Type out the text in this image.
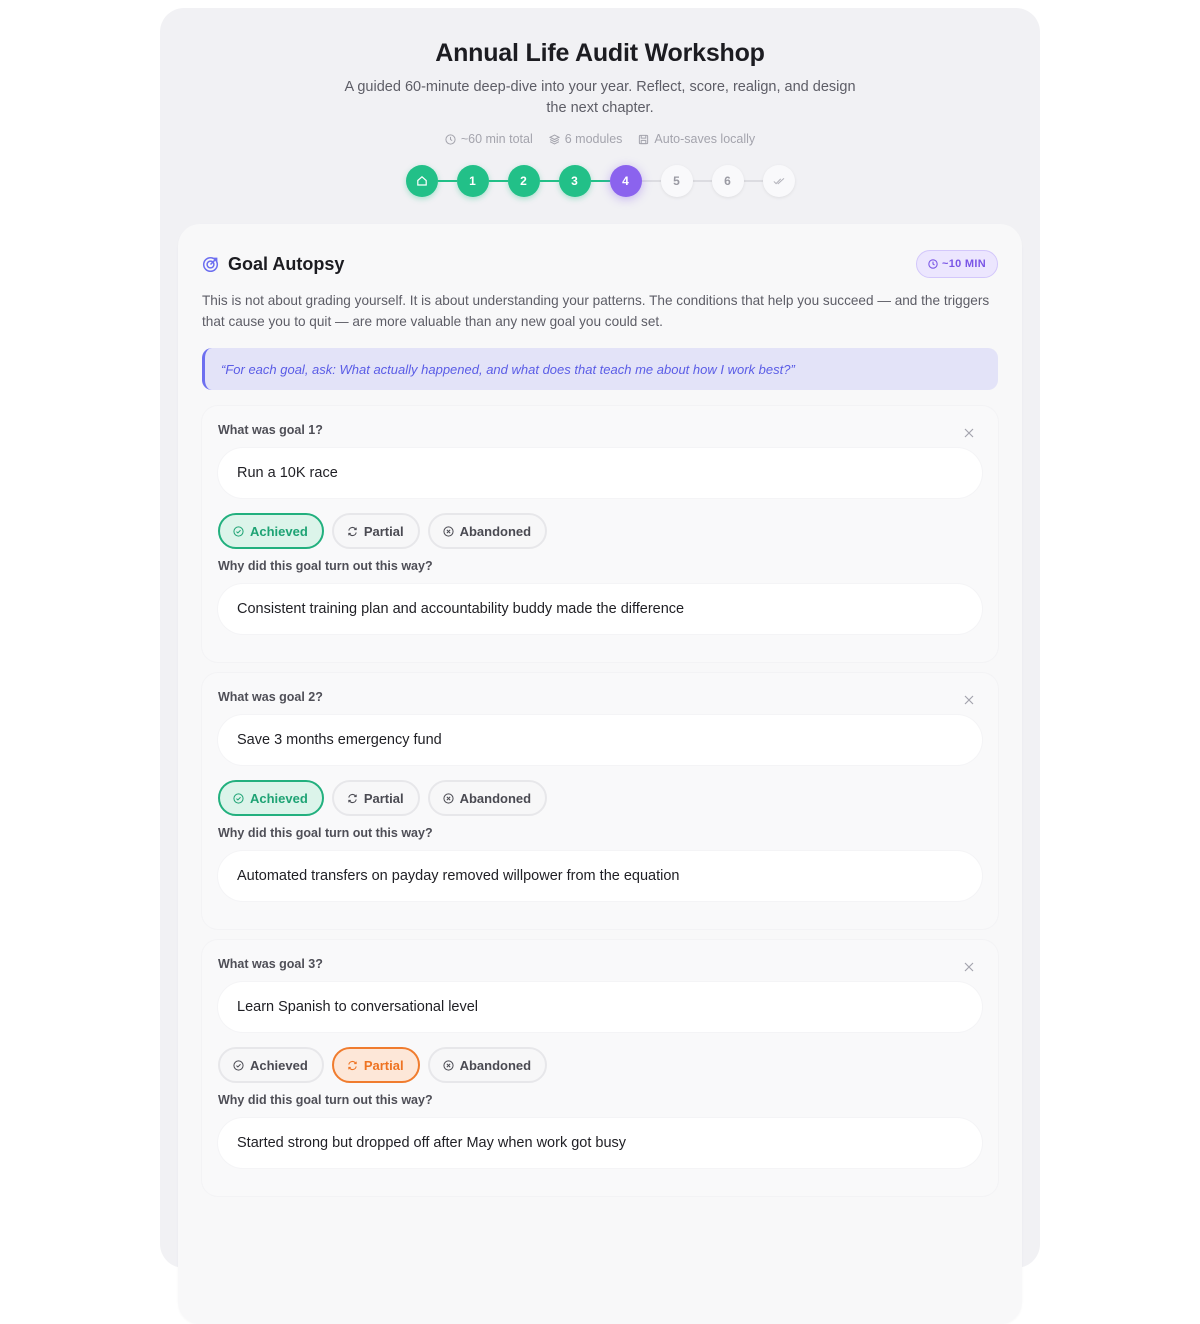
Annual Life Audit Workshop

A guided 60-minute deep-dive into your year. Reflect, score, realign, and design the next chapter.

~60 min total	6 modules	Auto-saves locally
1	2	3	4	5	6
Goal Autopsy	~10 MIN

This is not about grading yourself. It is about understanding your patterns. The conditions that help you succeed — and the triggers that cause you to quit — are more valuable than any new goal you could set.

“For each goal, ask: What actually happened, and what does that teach me about how I work best?”
What was goal 1?
Run a 10K race
Achieved	Partial	Abandoned
Why did this goal turn out this way?
Consistent training plan and accountability buddy made the difference
What was goal 2?
Save 3 months emergency fund
Achieved	Partial	Abandoned
Why did this goal turn out this way?
Automated transfers on payday removed willpower from the equation
What was goal 3?
Learn Spanish to conversational level
Achieved	Partial	Abandoned
Why did this goal turn out this way?
Started strong but dropped off after May when work got busy
